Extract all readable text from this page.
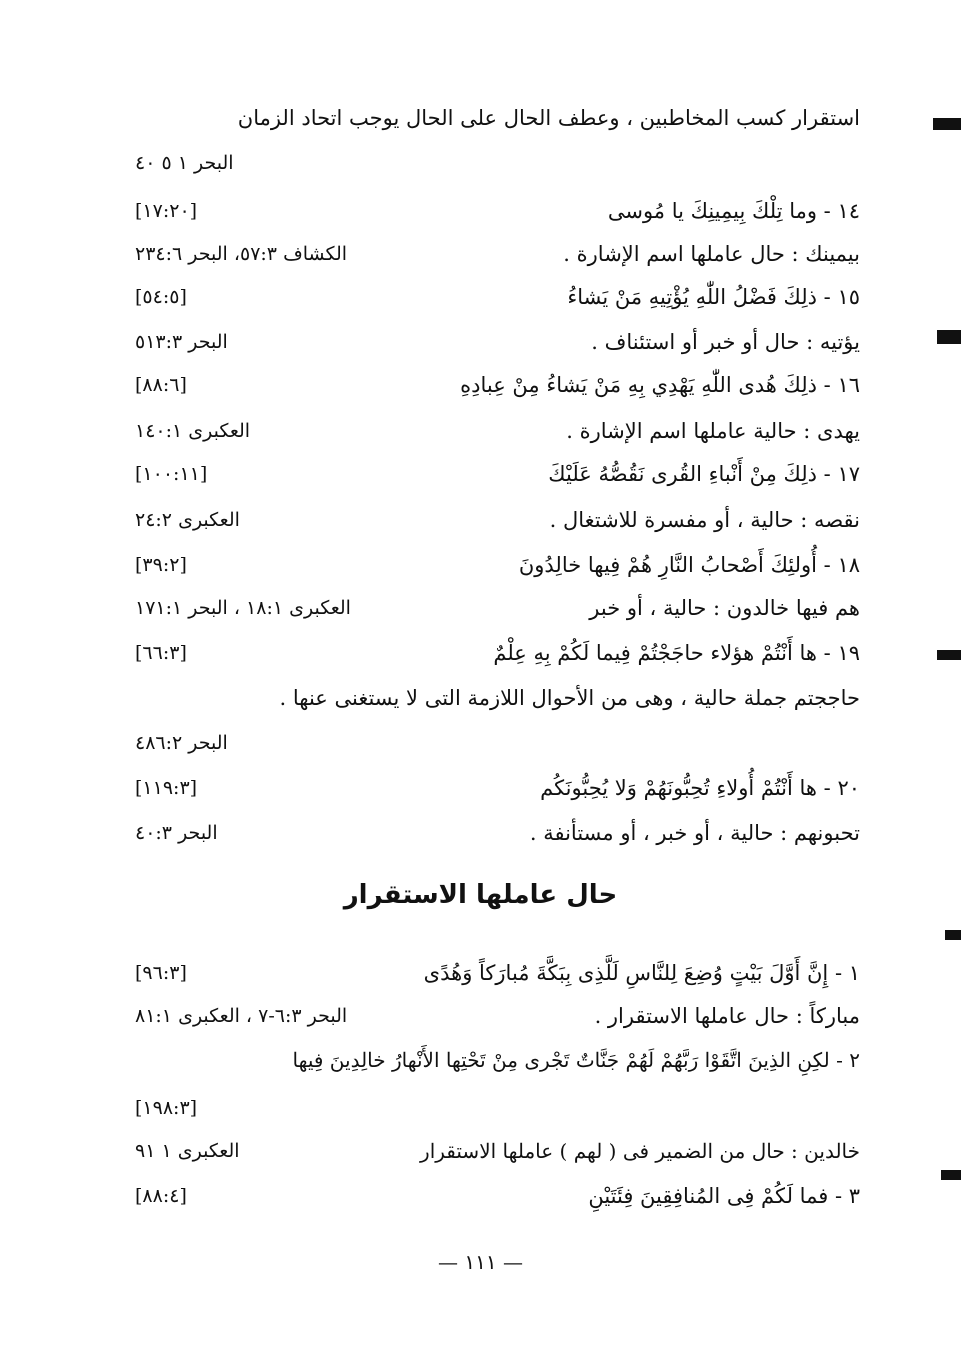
استقرار كسب المخاطبين ، وعطف الحال على الحال يوجب اتحاد الزمان
البحر ١ ٥ ٤٠
١٤ - وما تِلْكَ بِيمِينِكَ يا مُوسى
[١٧:٢٠]
بيمينك : حال عاملها اسم الإشارة .
الكشاف ٥٧:٣، البحر ٢٣٤:٦
١٥ - ذلِكَ فَضْلُ اللّٰهِ يُؤْتِيهِ مَنْ يَشاءُ
[٥٤:٥]
يؤتيه : حال أو خبر أو استئناف .
البحر ٥١٣:٣
١٦ - ذلِكَ هُدى اللّٰهِ يَهْدِي بِهِ مَنْ يَشاءُ مِنْ عِبادِهِ
[٨٨:٦]
يهدى : حالية عاملها اسم الإشارة .
العكبرى ١٤٠:١
١٧ - ذلِكَ مِنْ أَنْباءِ القُرى نَقُصُّهُ عَلَيْكَ
[١٠٠:١١]
نقصه : حالية ، أو مفسرة للاشتغال .
العكبرى ٢٤:٢
١٨ - أُولئِكَ أَصْحابُ النَّارِ هُمْ فِيها خالِدُونَ
[٣٩:٢]
هم فيها خالدون : حالية ، أو خبر
العكبرى ١٨:١ ، البحر ١٧١:١
١٩ - ها أَنْتُمْ هؤلاء حاجَجْتُمْ فِيما لَكُمْ بِهِ عِلْمٌ
[٦٦:٣]
حاججتم جملة حالية ، وهى من الأحوال اللازمة التى لا يستغنى عنها .
البحر ٤٨٦:٢
٢٠ - ها أَنْتُمْ أُولاءِ تُحِبُّونَهُمْ وَلا يُحِبُّونَكُم
[١١٩:٣]
تحبونهم : حالية ، أو خبر ، أو مستأنفة .
البحر ٤٠:٣
حال عاملها الاستقرار
١ - إِنَّ أَوَّلَ بَيْتٍ وُضِعَ لِلنَّاسِ لَلَّذِى بِبَكَّةَ مُبارَكاً وَهُدًى
[٩٦:٣]
مباركاً : حال عاملها الاستقرار .
البحر ٦:٣-٧ ، العكبرى ٨١:١
٢ - لكِنِ الذِينَ اتَّقَوْا رَبَّهُمْ لَهُمْ جَنَّاتٌ تَجْرى مِنْ تَحْتِها الأَنْهارُ خالِدِينَ فِيها
[١٩٨:٣]
خالدين : حال من الضمير فى ( لهم ) عاملها الاستقرار
العكبرى ١ ٩١
٣ - فما لَكُمْ فِى المُنافِقِينَ فِئَتَيْنِ
[٨٨:٤]
— ١١١ —
